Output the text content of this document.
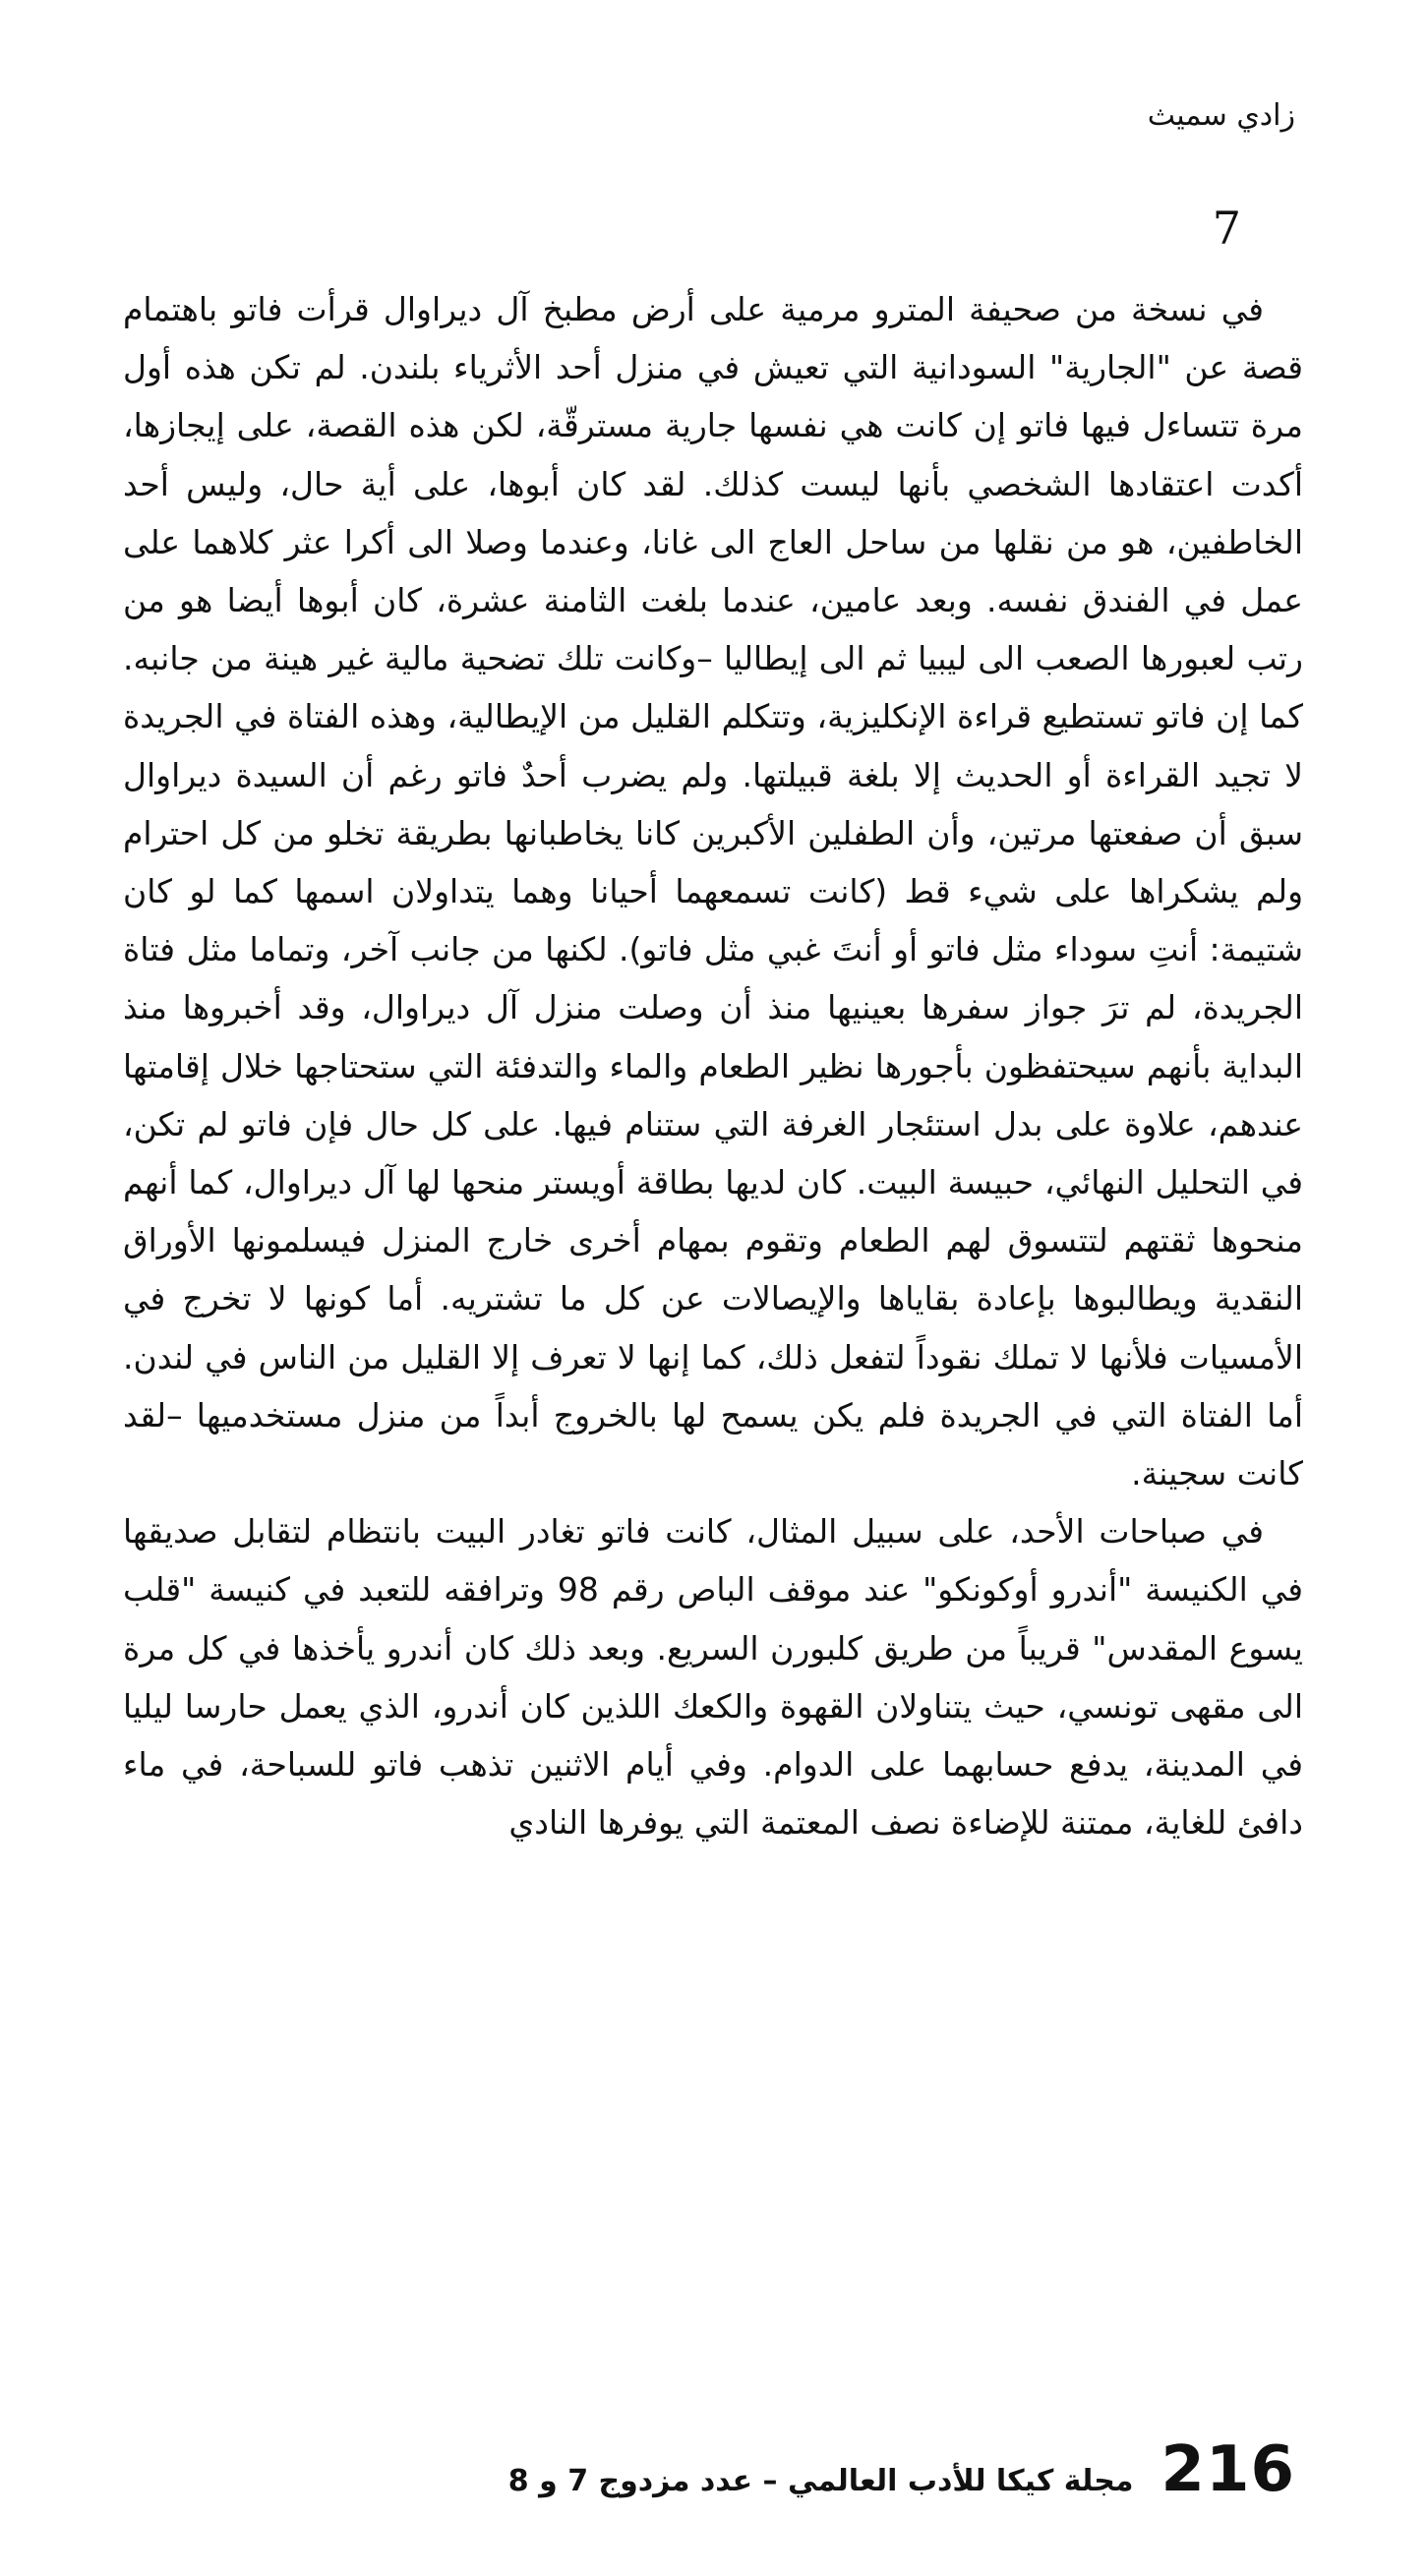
زادي سميث
7

في نسخة من صحيفة المترو مرمية على أرض مطبخ آل ديراوال قرأت فاتو باهتمام قصة عن "الجارية" السودانية التي تعيش في منزل أحد الأثرياء بلندن. لم تكن هذه أول مرة تتساءل فيها فاتو إن كانت هي نفسها جارية مسترقّة، لكن هذه القصة، على إيجازها، أكدت اعتقادها الشخصي بأنها ليست كذلك. لقد كان أبوها، على أية حال، وليس أحد الخاطفين، هو من نقلها من ساحل العاج الى غانا، وعندما وصلا الى أكرا عثر كلاهما على عمل في الفندق نفسه. وبعد عامين، عندما بلغت الثامنة عشرة، كان أبوها أيضا هو من رتب لعبورها الصعب الى ليبيا ثم الى إيطاليا –وكانت تلك تضحية مالية غير هينة من جانبه. كما إن فاتو تستطيع قراءة الإنكليزية، وتتكلم القليل من الإيطالية، وهذه الفتاة في الجريدة لا تجيد القراءة أو الحديث إلا بلغة قبيلتها. ولم يضرب أحدٌ فاتو رغم أن السيدة ديراوال سبق أن صفعتها مرتين، وأن الطفلين الأكبرين كانا يخاطبانها بطريقة تخلو من كل احترام ولم يشكراها على شيء قط (كانت تسمعهما أحيانا وهما يتداولان اسمها كما لو كان شتيمة: أنتِ سوداء مثل فاتو أو أنتَ غبي مثل فاتو). لكنها من جانب آخر، وتماما مثل فتاة الجريدة، لم ترَ جواز سفرها بعينيها منذ أن وصلت منزل آل ديراوال، وقد أخبروها منذ البداية بأنهم سيحتفظون بأجورها نظير الطعام والماء والتدفئة التي ستحتاجها خلال إقامتها عندهم، علاوة على بدل استئجار الغرفة التي ستنام فيها. على كل حال فإن فاتو لم تكن، في التحليل النهائي، حبيسة البيت. كان لديها بطاقة أويستر منحها لها آل ديراوال، كما أنهم منحوها ثقتهم لتتسوق لهم الطعام وتقوم بمهام أخرى خارج المنزل فيسلمونها الأوراق النقدية ويطالبوها بإعادة بقاياها والإيصالات عن كل ما تشتريه. أما كونها لا تخرج في الأمسيات فلأنها لا تملك نقوداً لتفعل ذلك، كما إنها لا تعرف إلا القليل من الناس في لندن. أما الفتاة التي في الجريدة فلم يكن يسمح لها بالخروج أبداً من منزل مستخدميها –لقد كانت سجينة.

في صباحات الأحد، على سبيل المثال، كانت فاتو تغادر البيت بانتظام لتقابل صديقها في الكنيسة "أندرو أوكونكو" عند موقف الباص رقم 98 وترافقه للتعبد في كنيسة "قلب يسوع المقدس" قريباً من طريق كلبورن السريع. وبعد ذلك كان أندرو يأخذها في كل مرة الى مقهى تونسي، حيث يتناولان القهوة والكعك اللذين كان أندرو، الذي يعمل حارسا ليليا في المدينة، يدفع حسابهما على الدوام. وفي أيام الاثنين تذهب فاتو للسباحة، في ماء دافئ للغاية، ممتنة للإضاءة نصف المعتمة التي يوفرها النادي

216
مجلة كيكا للأدب العالمي – عدد مزدوج 7 و 8
